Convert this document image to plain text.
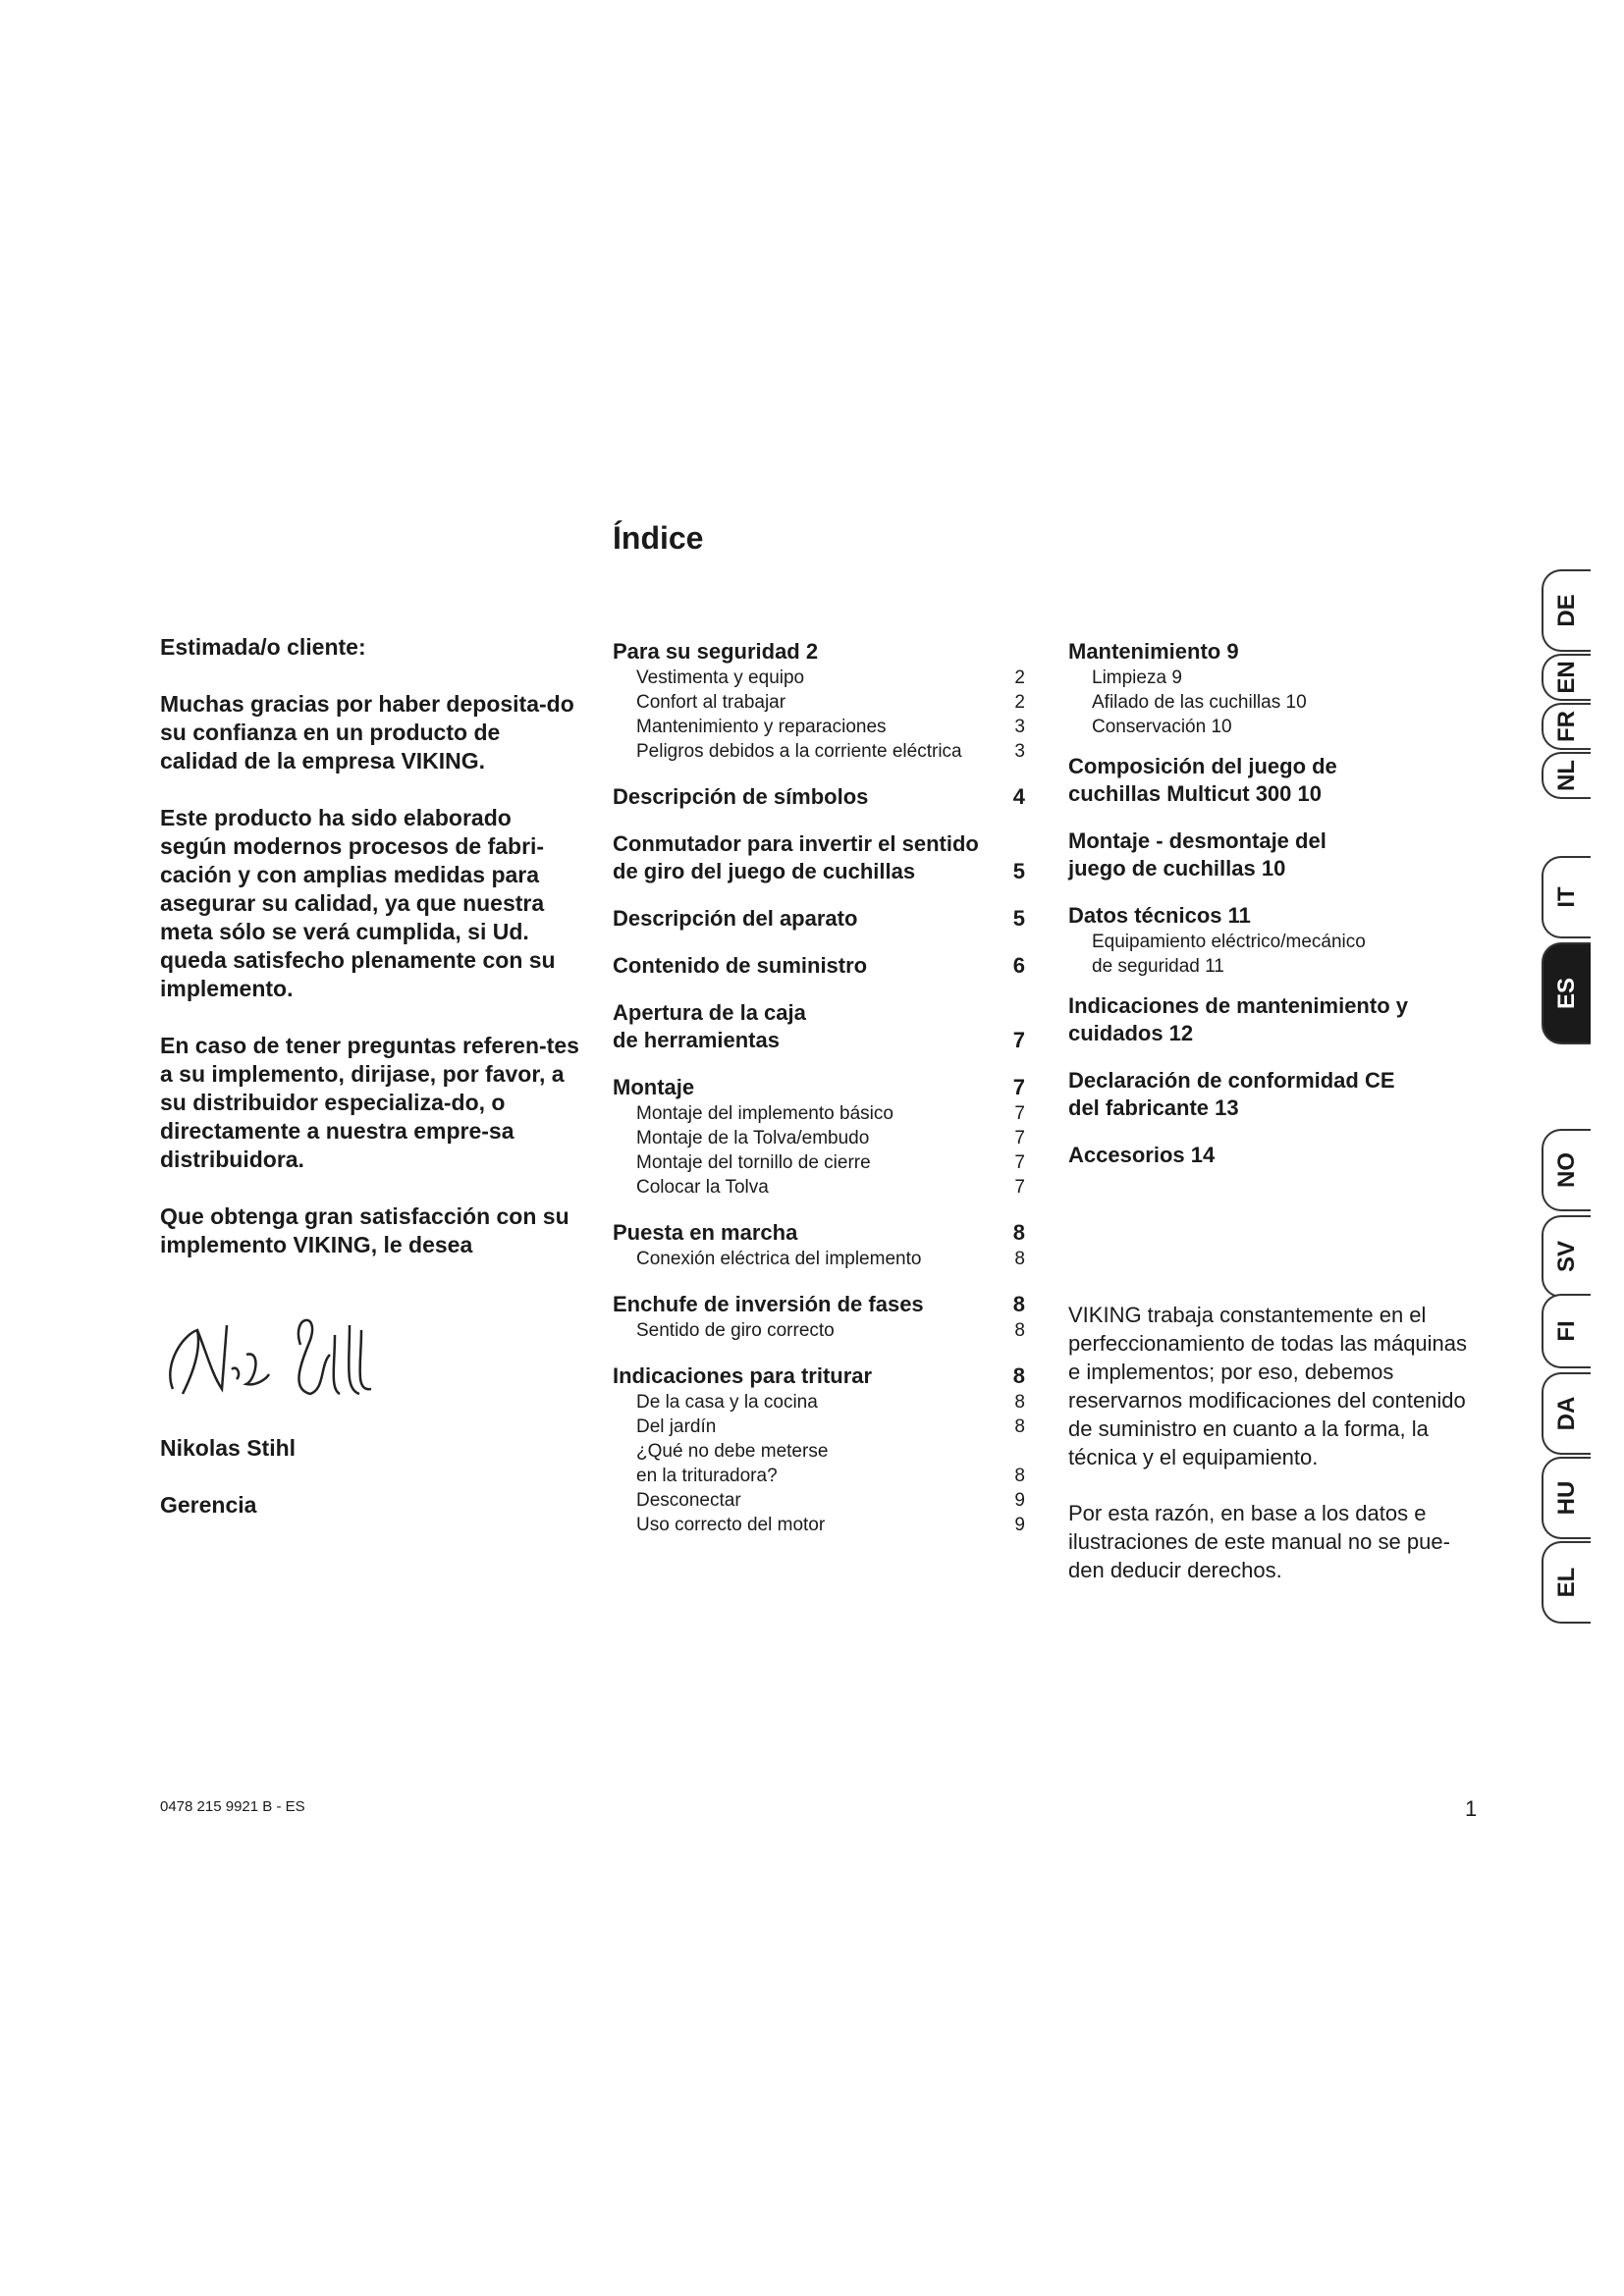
Índice

Estimada/o cliente:

Muchas gracias por haber deposita-do su confianza en un producto de calidad de la empresa VIKING.

Este producto ha sido elaborado según modernos procesos de fabri-cación y con amplias medidas para asegurar su calidad, ya que nuestra meta sólo se verá cumplida, si Ud. queda satisfecho plenamente con su implemento.

En caso de tener preguntas referen-tes a su implemento, dirijase, por favor, a su distribuidor especializa-do, o directamente a nuestra empre-sa distribuidora.

Que obtenga gran satisfacción con su implemento VIKING, le desea

Nikolas Stihl
Gerencia
Para su seguridad 2
Vestimenta y equipo	2
Confort al trabajar	2
Mantenimiento y reparaciones	3
Peligros debidos a la corriente eléctrica	3
Descripción de símbolos	4
Conmutador para invertir el sentido
de giro del juego de cuchillas	5
Descripción del aparato	5
Contenido de suministro	6
Apertura de la caja
de herramientas	7
Montaje	7
Montaje del implemento básico	7
Montaje de la Tolva/embudo	7
Montaje del tornillo de cierre	7
Colocar la Tolva	7
Puesta en marcha	8
Conexión eléctrica del implemento	8
Enchufe de inversión de fases	8
Sentido de giro correcto	8
Indicaciones para triturar	8
De la casa y la cocina	8
Del jardín	8
¿Qué no debe meterse
en la trituradora?	8
Desconectar	9
Uso correcto del motor	9
Mantenimiento 9
Limpieza 9
Afilado de las cuchillas 10
Conservación 10
Composición del juego de
cuchillas Multicut 300 10
Montaje - desmontaje del
juego de cuchillas 10
Datos técnicos 11
Equipamiento eléctrico/mecánico
de seguridad 11
Indicaciones de mantenimiento y
cuidados 12
Declaración de conformidad CE
del fabricante 13
Accesorios 14

VIKING trabaja constantemente en el perfeccionamiento de todas las máquinas e implementos; por eso, debemos reservarnos modificaciones del contenido de suministro en cuanto a la forma, la técnica y el equipamiento.

Por esta razón, en base a los datos e ilustraciones de este manual no se pue-den deducir derechos.

0478 215 9921 B - ES	1
DE
EN
FR
NL
IT
ES
NO
SV
FI
DA
HU
EL
